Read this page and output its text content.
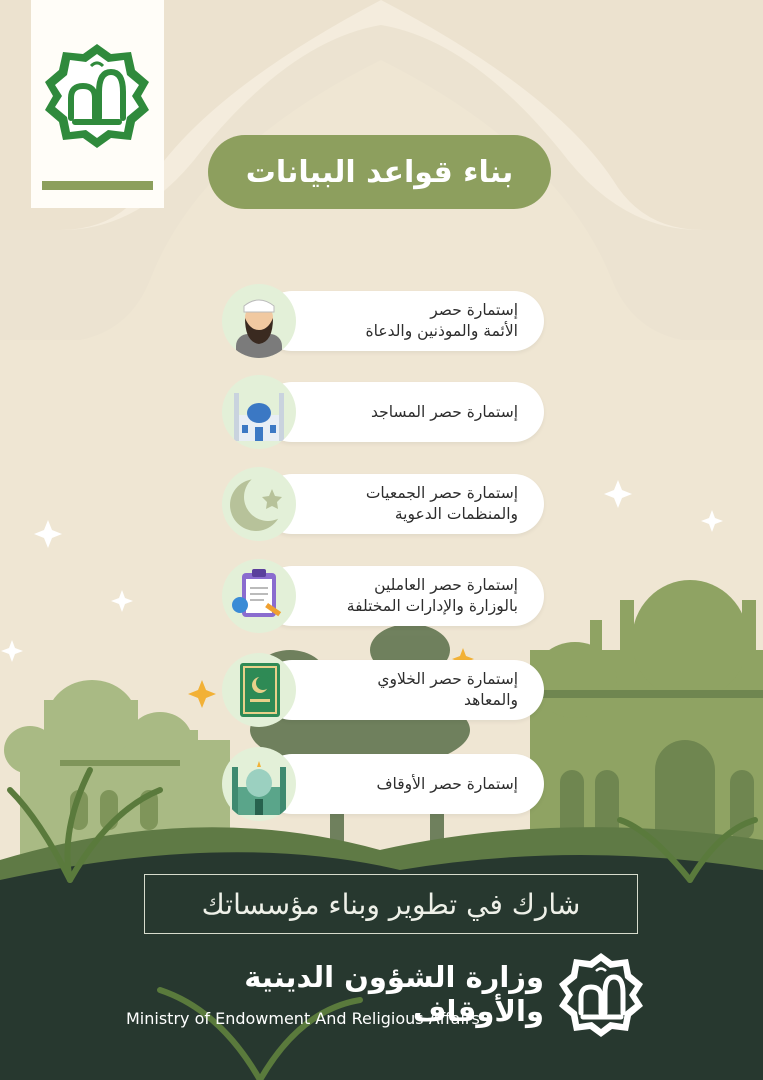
بناء قواعد البيانات
إستمارة حصر
الأئمة والموذنين والدعاة
إستمارة حصر المساجد
إستمارة حصر الجمعيات
والمنظمات الدعوية
إستمارة حصر العاملين
بالوزارة والإدارات المختلفة
إستمارة حصر الخلاوي
والمعاهد
إستمارة حصر الأوقاف
شارك في تطوير وبناء مؤسساتك
وزارة الشؤون الدينية والأوقاف
Ministry of Endowment And Religious Affairs
